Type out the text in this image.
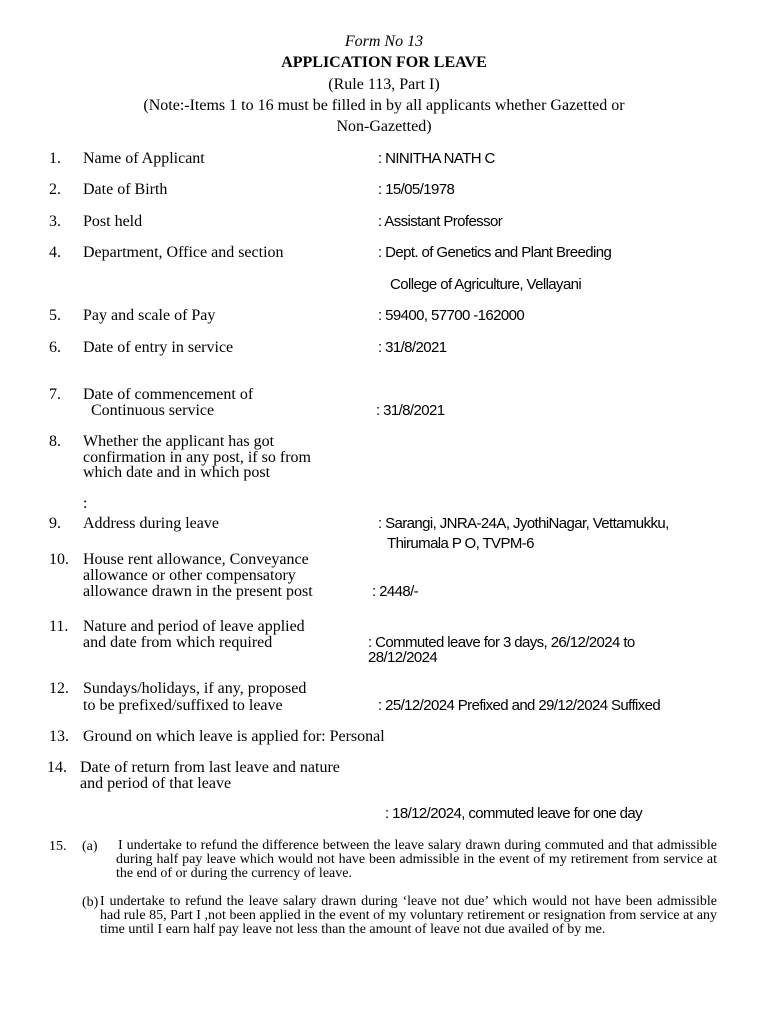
Form No 13
APPLICATION FOR LEAVE
(Rule 113, Part I)
(Note:-Items 1 to 16 must be filled in by all applicants whether Gazetted or
Non-Gazetted)
1. Name of Applicant	: NINITHA NATH C
2. Date of Birth	: 15/05/1978
3. Post held	: Assistant Professor
4. Department, Office and section	: Dept. of Genetics and Plant Breeding
College of Agriculture, Vellayani
5. Pay and scale of Pay	: 59400, 57700 -162000
6. Date of entry in service	: 31/8/2021
7. Date of commencement of
Continuous service	: 31/8/2021
8. Whether the applicant has got
confirmation in any post, if so from
which date and in which post
:
9. Address during leave	: Sarangi, JNRA-24A, JyothiNagar, Vettamukku,
Thirumala P O, TVPM-6
10. House rent allowance, Conveyance
allowance or other compensatory
allowance drawn in the present post	: 2448/-
11. Nature and period of leave applied
and date from which required	: Commuted leave for 3 days, 26/12/2024 to
28/12/2024
12. Sundays/holidays, if any, proposed
to be prefixed/suffixed to leave	: 25/12/2024 Prefixed and 29/12/2024 Suffixed
13. Ground on which leave is applied for: Personal
14. Date of return from last leave and nature
and period of that leave
: 18/12/2024, commuted leave for one day
15. (a) I undertake to refund the difference between the leave salary drawn during commuted and that admissible during half pay leave which would not have been admissible in the event of my retirement from service at the end of or during the currency of leave.
(b) I undertake to refund the leave salary drawn during ‘leave not due’ which would not have been admissible had rule 85, Part I ,not been applied in the event of my voluntary retirement or resignation from service at any time until I earn half pay leave not less than the amount of leave not due availed of by me.
